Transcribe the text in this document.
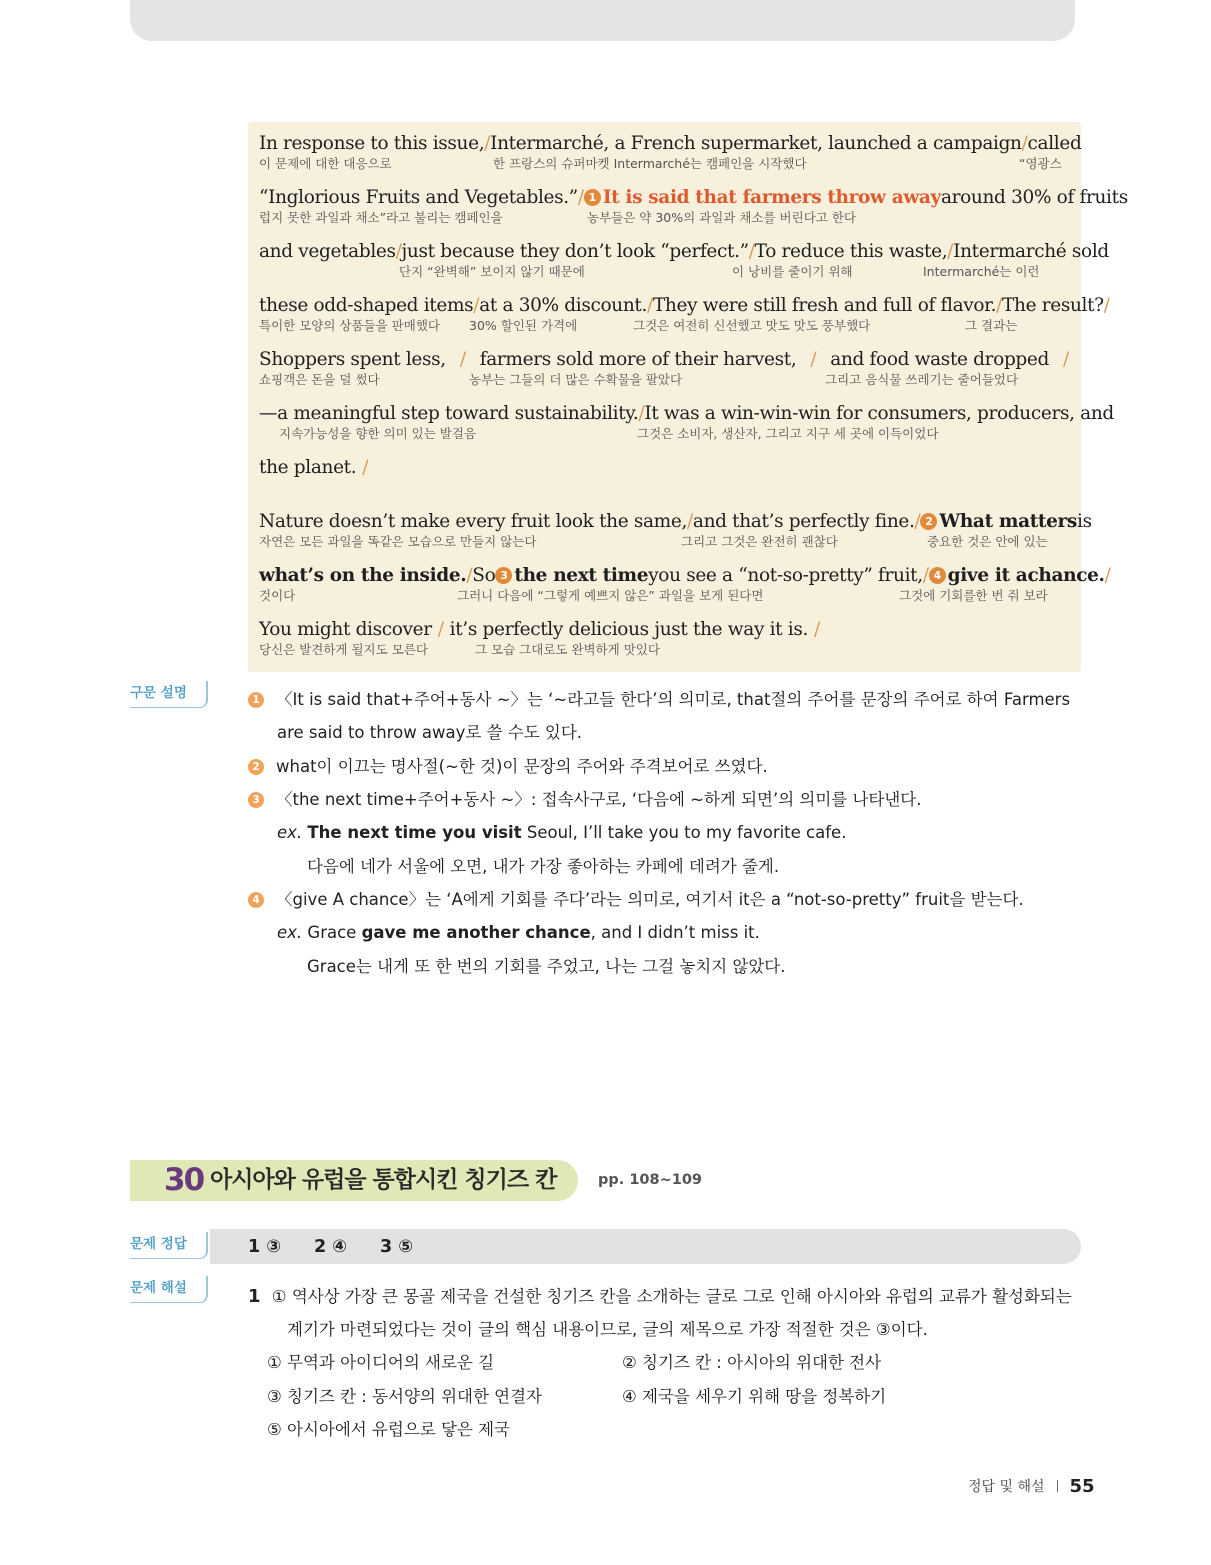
In response to this issue, / Intermarché, a French supermarket, launched a campaign / called
이 문제에 대한 대응으로	한 프랑스의 슈퍼마켓 Intermarché는 캠페인을 시작했다	“영광스
“Inglorious Fruits and Vegetables.” / 1 It is said that farmers throw away around 30% of fruits
럽지 못한 과일과 채소”라고 불리는 캠페인을	농부들은 약 30%의 과일과 채소를 버린다고 한다
and vegetables / just because they don’t look “perfect.” / To reduce this waste, / Intermarché sold
단지 “완벽해” 보이지 않기 때문에	이 낭비를 줄이기 위해	Intermarché는 이런
these odd-shaped items / at a 30% discount. / They were still fresh and full of flavor. / The result? /
특이한 모양의 상품들을 판매했다 30% 할인된 가격에	그것은 여전히 신선했고 맛도 맛도 풍부했다	그 결과는
Shoppers spent less, / farmers sold more of their harvest, / and food waste dropped /
쇼핑객은 돈을 덜 썼다	농부는 그들의 더 많은 수확물을 팔았다	그리고 음식물 쓰레기는 줄어들었다
—a meaningful step toward sustainability. / It was a win-win-win for consumers, producers, and
지속가능성을 향한 의미 있는 발걸음	그것은 소비자, 생산자, 그리고 지구 세 곳에 이득이었다
the planet. /
Nature doesn’t make every fruit look the same, / and that’s perfectly fine. / 2 What matters is
자연은 모든 과일을 똑같은 모습으로 만들지 않는다	그리고 그것은 완전히 괜찮다	중요한 것은 안에 있는
what’s on the inside. / So 3 the next time you see a “not-so-pretty” fruit, / 4 give it achance. /
것이다	그러니 다음에 “그렇게 예쁘지 않은” 과일을 보게 된다면	그것에 기회를한 번 줘 보라
You might discover / it’s perfectly delicious just the way it is. /
당신은 발견하게 될지도 모른다	그 모습 그대로도 완벽하게 맛있다
구문 설명	1 〈It is said that+주어+동사 ~〉는 ‘~라고들 한다’의 의미로, that절의 주어를 문장의 주어로 하여 Farmers
are said to throw away로 쓸 수도 있다.
2 what이 이끄는 명사절(~한 것)이 문장의 주어와 주격보어로 쓰였다.
3 〈the next time+주어+동사 ~〉: 접속사구로, ‘다음에 ~하게 되면’의 의미를 나타낸다.
ex. The next time you visit Seoul, I’ll take you to my favorite cafe.
다음에 네가 서울에 오면, 내가 가장 좋아하는 카페에 데려가 줄게.
4 〈give A chance〉는 ‘A에게 기회를 주다’라는 의미로, 여기서 it은 a “not-so-pretty” fruit을 받는다.
ex. Grace gave me another chance, and I didn’t miss it.
Grace는 내게 또 한 번의 기회를 주었고, 나는 그걸 놓치지 않았다.
30 아시아와 유럽을 통합시킨 칭기즈 칸	pp. 108~109
문제 정답	1 ③ 2 ④ 3 ⑤
문제 해설	1 ① 역사상 가장 큰 몽골 제국을 건설한 칭기즈 칸을 소개하는 글로 그로 인해 아시아와 유럽의 교류가 활성화되는
계기가 마련되었다는 것이 글의 핵심 내용이므로, 글의 제목으로 가장 적절한 것은 ③이다.
① 무역과 아이디어의 새로운 길	② 칭기즈 칸 : 아시아의 위대한 전사
③ 칭기즈 칸 : 동서양의 위대한 연결자	④ 제국을 세우기 위해 땅을 정복하기
⑤ 아시아에서 유럽으로 닿은 제국
정답 및 해설 55
